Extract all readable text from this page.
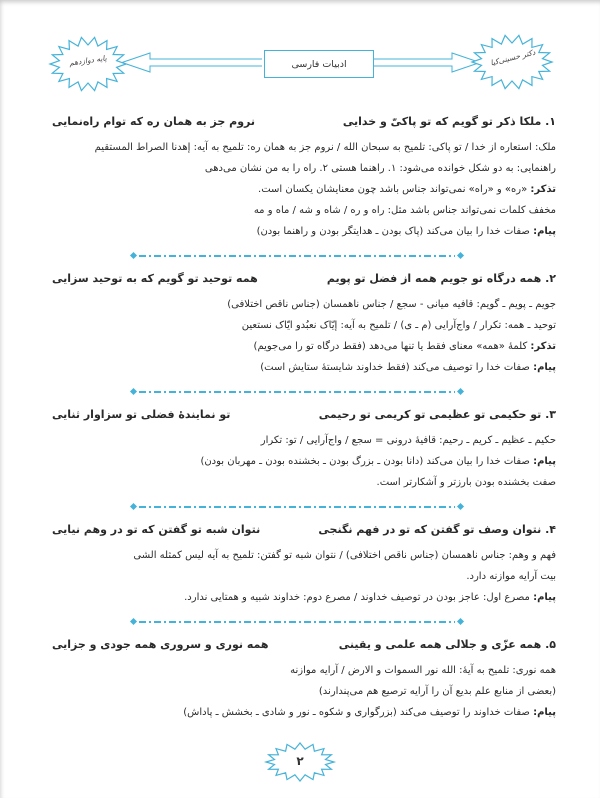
پایه دوازدهم	دکتر حسینی‌کیا
ادبیات فارسی
۱. ملکا ذکر تو گویم که تو پاکیّ و خدایی
نروم جز به همان ره که توام راه‌نمایی

ملک: استعاره از خدا / تو پاکی: تلمیح به سبحان الله / نروم جز به همان ره: تلمیح به آیه: إهدنا الصراط المستقیم

راهنمایی: به دو شکل خوانده می‌شود: ۱. راهنما هستی ۲. راه را به من نشان می‌دهی

تذکر: «ره» و «راه» نمی‌تواند جناس باشد چون معنایشان یکسان است.

مخفف کلمات نمی‌تواند جناس باشد مثل: راه و ره / شاه و شه / ماه و مه

پیام: صفات خدا را بیان می‌کند (پاک بودن ـ هدایتگر بودن و راهنما بودن)

۲. همه درگاه تو جویم همه از فضل تو پویم
همه توحید تو گویم که به توحید سزایی

جویم ـ پویم ـ گویم: قافیه میانی - سجع / جناس ناهمسان (جناس ناقص اختلافی)

توحید ـ همه: تکرار / واج‌آرایی (م ـ ی) / تلمیح به آیه: إیّاک نعبُدو ایّاک نستعین

تذکر: کلمهٔ «همه» معنای فقط یا تنها می‌دهد (فقط درگاه تو را می‌جویم)

پیام: صفات خدا را توصیف می‌کند (فقط خداوند شایستهٔ ستایش است)

۳. تو حکیمی تو عظیمی تو کریمی تو رحیمی
تو نمایندهٔ فضلی تو سزاوار ثنایی

حکیم ـ عظیم ـ کریم ـ رحیم: قافیهٔ درونی = سجع / واج‌آرایی / تو: تکرار

پیام: صفات خدا را بیان می‌کند (دانا بودن ـ بزرگ بودن ـ بخشنده بودن ـ مهربان بودن)

صفت بخشنده بودن بارزتر و آشکارتر است.

۴. نتوان وصف تو گفتن که تو در فهم نگنجی
نتوان شبه تو گفتن که تو در وهم نیایی

فهم و وهم: جناس ناهمسان (جناس ناقص اختلافی) / نتوان شبه تو گفتن: تلمیح به آیه لیس کمثله الشی

بیت آرایه موازنه دارد.

پیام: مصرع اول: عاجز بودن در توصیف خداوند / مصرع دوم: خداوند شبیه و همتایی ندارد.

۵. همه عزّی و جلالی همه علمی و یقینی
همه نوری و سروری همه جودی و جزایی

همه نوری: تلمیح به آیهٔ: الله نور السموات و الارض / آرایه موازنه

(بعضی از منابع علم بدیع آن را آرایه ترصیع هم می‌پندارند)

پیام: صفات خداوند را توصیف می‌کند (بزرگواری و شکوه ـ نور و شادی ـ بخشش ـ پاداش)

۲
